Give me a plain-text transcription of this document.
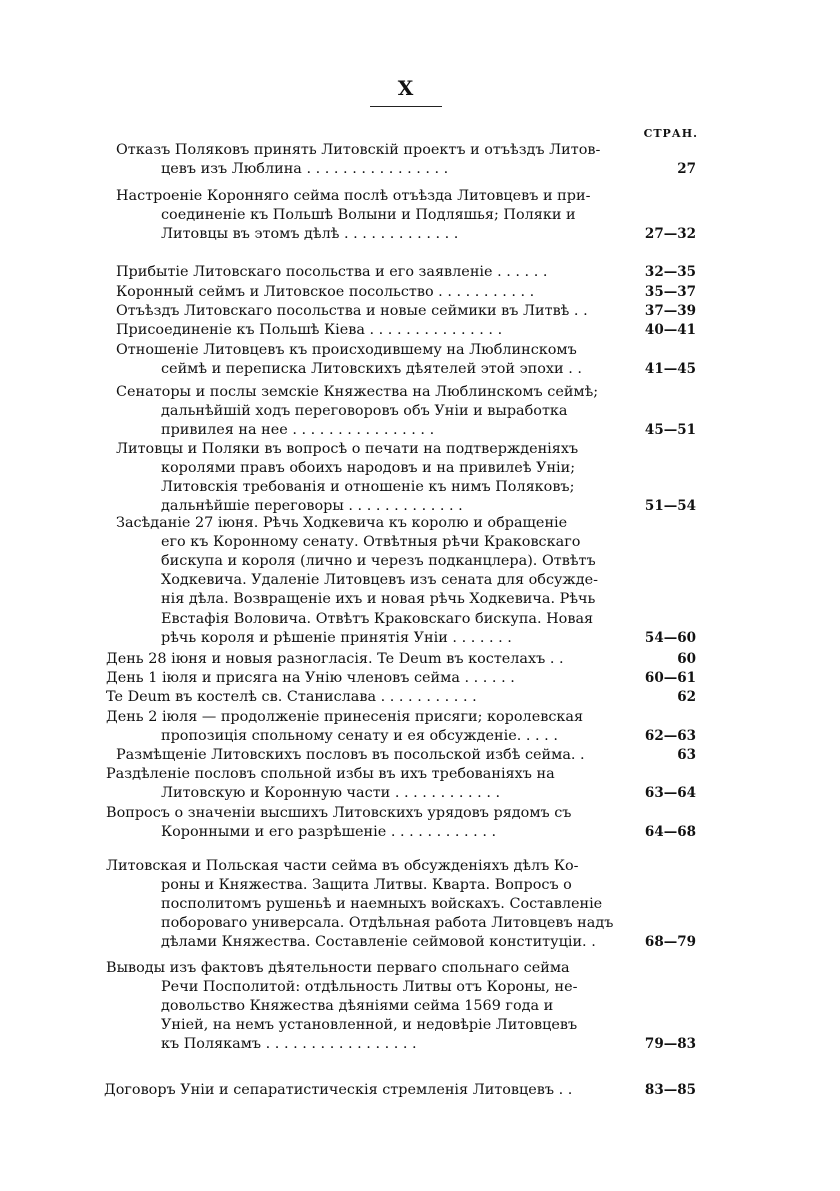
X
СТРАН.
Отказъ Поляковъ принять Литовскій проектъ и отъѣздъ Литов-
цевъ изъ Люблина . . . . . . . . . . . . . . . .	27
Настроеніе Коронняго сейма послѣ отъѣзда Литовцевъ и при-
соединеніе къ Польшѣ Волыни и Подляшья; Поляки и
Литовцы въ этомъ дѣлѣ . . . . . . . . . . . . .	27—32
Прибытіе Литовскаго посольства и его заявленіе . . . . . .	32—35
Коронный сеймъ и Литовское посольство . . . . . . . . . . .	35—37
Отъѣздъ Литовскаго посольства и новые сеймики въ Литвѣ . .	37—39
Присоединеніе къ Польшѣ Кіева . . . . . . . . . . . . . . .	40—41
Отношеніе Литовцевъ къ происходившему на Люблинскомъ
сеймѣ и переписка Литовскихъ дѣятелей этой эпохи . .	41—45
Сенаторы и послы земскіе Княжества на Люблинскомъ сеймѣ;
дальнѣйшій ходъ переговоровъ объ Уніи и выработка
привилея на нее . . . . . . . . . . . . . . . .	45—51
Литовцы и Поляки въ вопросѣ о печати на подтвержденіяхъ
королями правъ обоихъ народовъ и на привилеѣ Уніи;
Литовскія требованія и отношеніе къ нимъ Поляковъ;
дальнѣйшіе переговоры . . . . . . . . . . . . .	51—54
Засѣданіе 27 іюня. Рѣчь Ходкевича къ королю и обращеніе
его къ Коронному сенату. Отвѣтныя рѣчи Краковскаго
бискупа и короля (лично и черезъ подканцлера). Отвѣтъ
Ходкевича. Удаленіе Литовцевъ изъ сената для обсужде-
нія дѣла. Возвращеніе ихъ и новая рѣчь Ходкевича. Рѣчь
Евстафія Воловича. Отвѣтъ Краковскаго бискупа. Новая
рѣчь короля и рѣшеніе принятія Уніи . . . . . . .	54—60
День 28 іюня и новыя разногласія. Te Deum въ костелахъ . .	60
День 1 іюля и присяга на Унію членовъ сейма . . . . . .	60—61
Te Deum въ костелѣ св. Станислава . . . . . . . . . . .	62
День 2 іюля — продолженіе принесенія присяги; королевская
пропозиція спольному сенату и ея обсужденіе. . . . .	62—63
Размѣщеніе Литовскихъ пословъ въ посольской избѣ сейма. .	63
Раздѣленіе пословъ спольной избы въ ихъ требованіяхъ на
Литовскую и Коронную части . . . . . . . . . . . .	63—64
Вопросъ о значеніи высшихъ Литовскихъ урядовъ рядомъ съ
Коронными и его разрѣшеніе . . . . . . . . . . . .	64—68
Литовская и Польская части сейма въ обсужденіяхъ дѣлъ Ко-
роны и Княжества. Защита Литвы. Кварта. Вопросъ о
посполитомъ рушеньѣ и наемныхъ войскахъ. Составленіе
побороваго универсала. Отдѣльная работа Литовцевъ надъ
дѣлами Княжества. Составленіе сеймовой конституціи. .	68—79
Выводы изъ фактовъ дѣятельности перваго спольнаго сейма
Речи Посполитой: отдѣльность Литвы отъ Короны, не-
довольство Княжества дѣяніями сейма 1569 года и
Уніей, на немъ установленной, и недовѣріе Литовцевъ
къ Полякамъ . . . . . . . . . . . . . . . . .	79—83
Договоръ Уніи и сепаратистическія стремленія Литовцевъ . .	83—85
